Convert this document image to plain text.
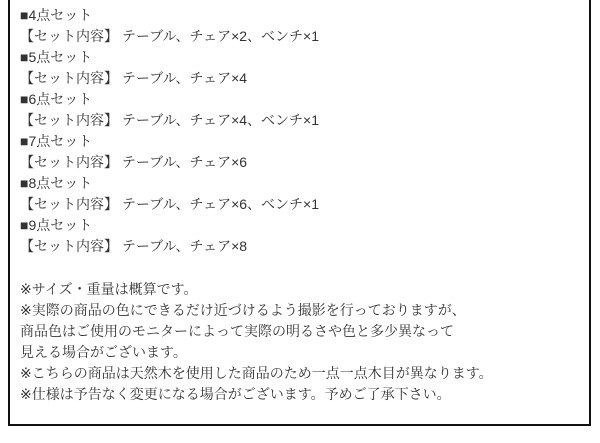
■4点セット
【セット内容】 テーブル、チェア×2、ベンチ×1
■5点セット
【セット内容】 テーブル、チェア×4
■6点セット
【セット内容】 テーブル、チェア×4、ベンチ×1
■7点セット
【セット内容】 テーブル、チェア×6
■8点セット
【セット内容】 テーブル、チェア×6、ベンチ×1
■9点セット
【セット内容】 テーブル、チェア×8
※サイズ・重量は概算です。
※実際の商品の色にできるだけ近づけるよう撮影を行っておりますが、
商品色はご使用のモニターによって実際の明るさや色と多少異なって
見える場合がございます。
※こちらの商品は天然木を使用した商品のため一点一点木目が異なります。
※仕様は予告なく変更になる場合がございます。予めご了承下さい。
